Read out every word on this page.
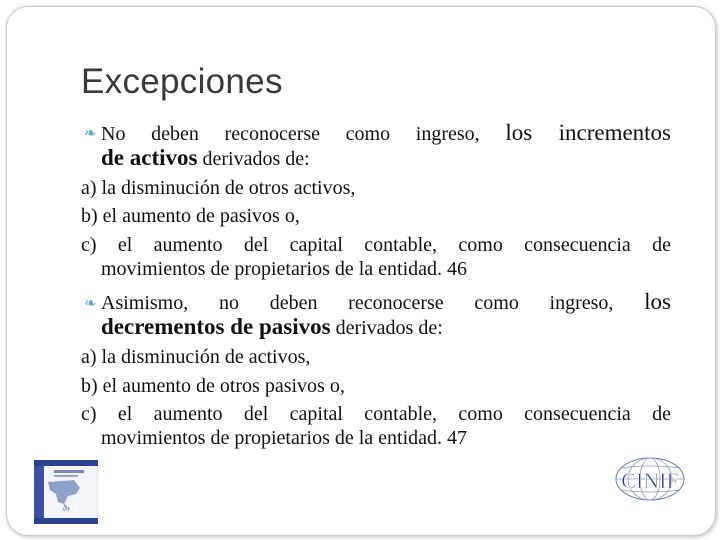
Excepciones
❧ No deben reconocerse como ingreso, los incrementos
de activos derivados de:
a) la disminución de otros activos,
b) el aumento de pasivos o,
c) el aumento del capital contable, como consecuencia de
movimientos de propietarios de la entidad. 46
❧ Asimismo, no deben reconocerse como ingreso, los
decrementos de pasivos derivados de:
a) la disminución de activos,
b) el aumento de otros pasivos o,
c) el aumento del capital contable, como consecuencia de
movimientos de propietarios de la entidad. 47
NIF
CINIF
